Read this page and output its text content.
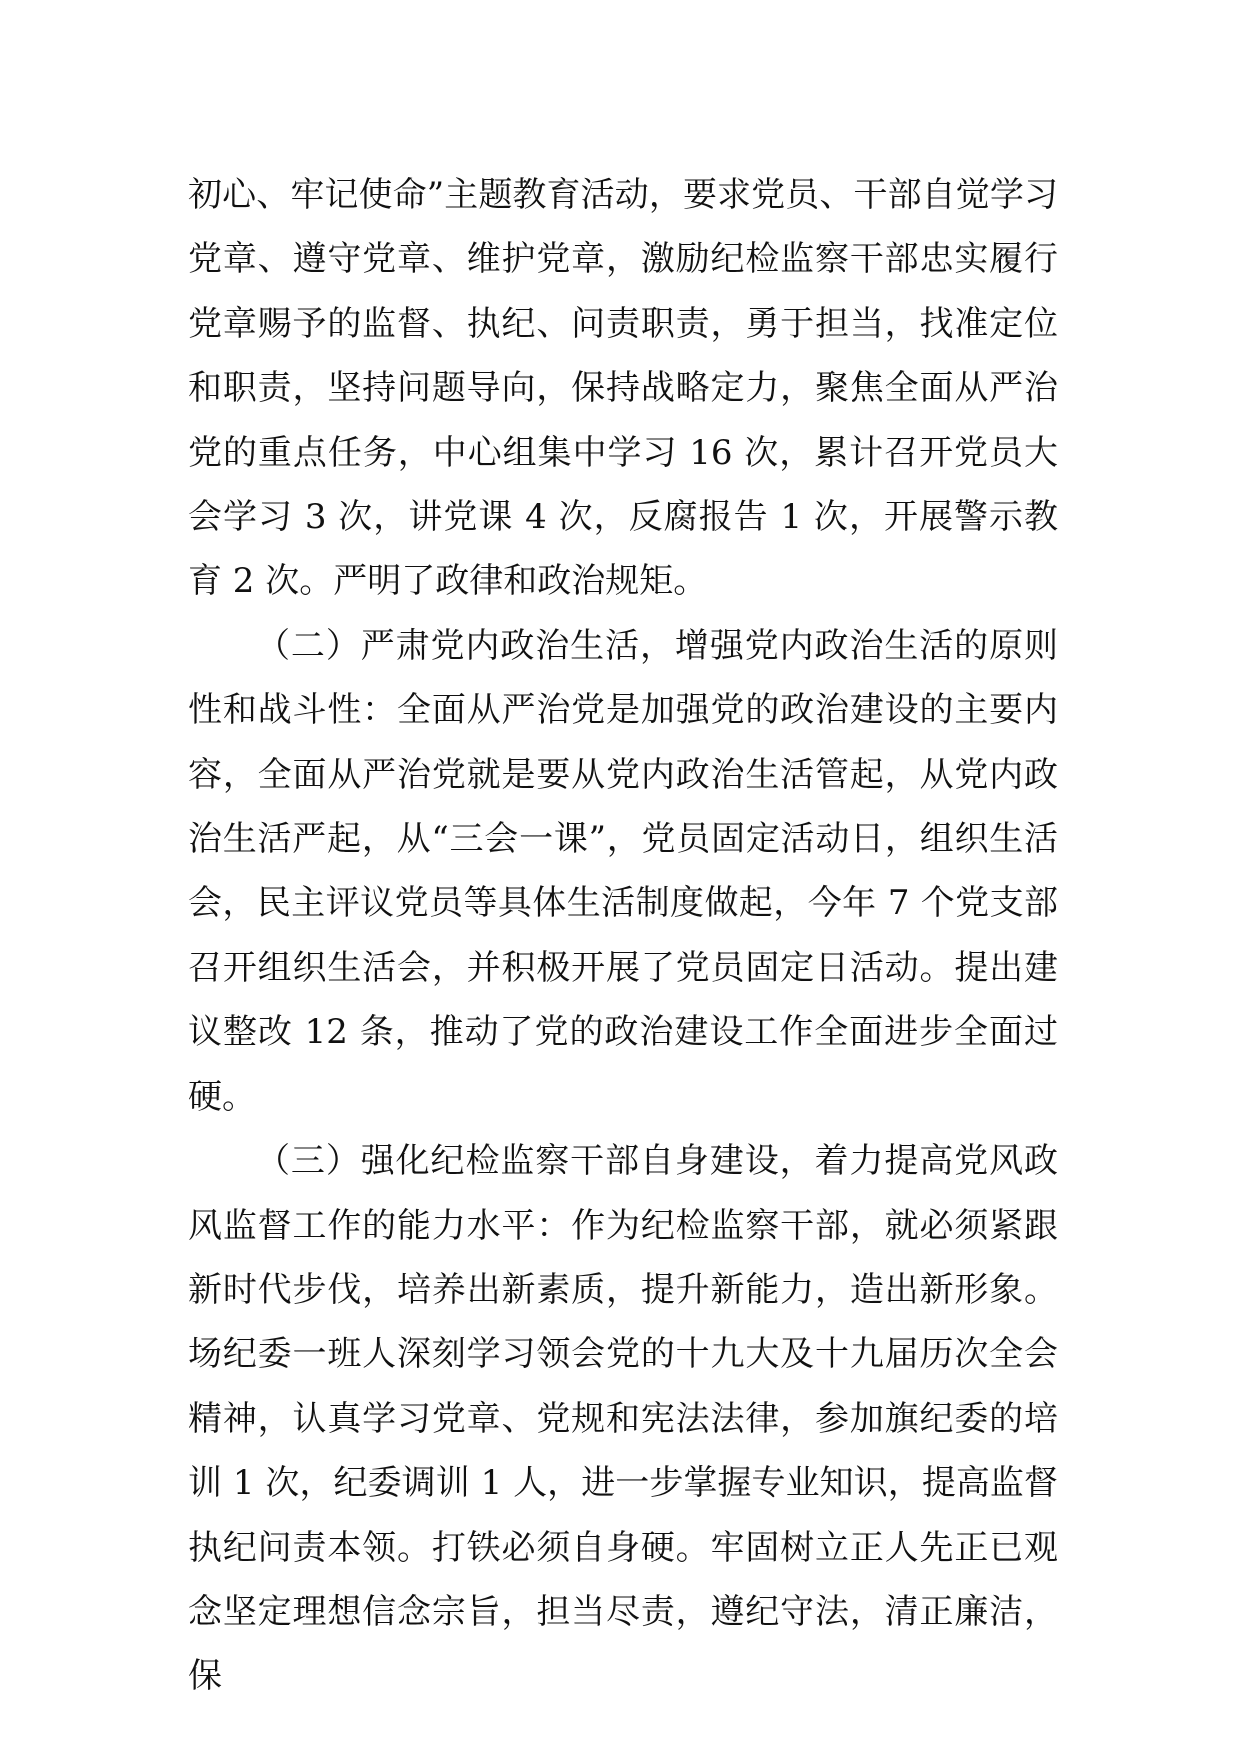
初心、牢记使命”主题教育活动，要求党员、干部自觉学习党章、遵守党章、维护党章，激励纪检监察干部忠实履行党章赐予的监督、执纪、问责职责，勇于担当，找准定位和职责，坚持问题导向，保持战略定力，聚焦全面从严治党的重点任务，中心组集中学习 16 次，累计召开党员大会学习 3 次，讲党课 4 次，反腐报告 1 次，开展警示教育 2 次。严明了政律和政治规矩。

（二）严肃党内政治生活，增强党内政治生活的原则性和战斗性：全面从严治党是加强党的政治建设的主要内容，全面从严治党就是要从党内政治生活管起，从党内政治生活严起，从“三会一课”，党员固定活动日，组织生活会，民主评议党员等具体生活制度做起，今年 7 个党支部召开组织生活会，并积极开展了党员固定日活动。提出建议整改 12 条，推动了党的政治建设工作全面进步全面过硬。

（三）强化纪检监察干部自身建设，着力提高党风政风监督工作的能力水平：作为纪检监察干部，就必须紧跟新时代步伐，培养出新素质，提升新能力，造出新形象。场纪委一班人深刻学习领会党的十九大及十九届历次全会精神，认真学习党章、党规和宪法法律，参加旗纪委的培训 1 次，纪委调训 1 人，进一步掌握专业知识，提高监督执纪问责本领。打铁必须自身硬。牢固树立正人先正已观念坚定理想信念宗旨，担当尽责，遵纪守法，清正廉洁，保
